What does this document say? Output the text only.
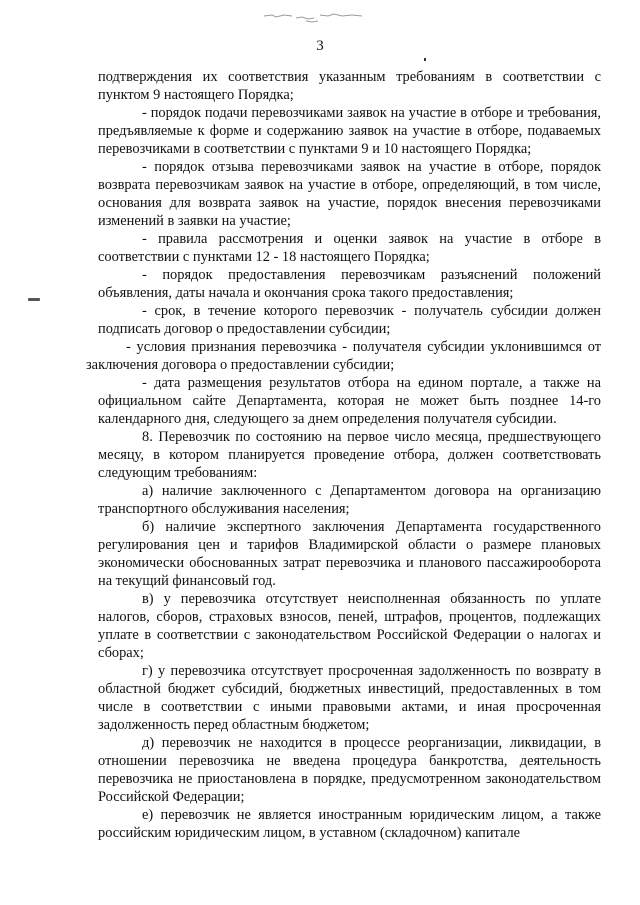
3

подтверждения их соответствия указанным требованиям в соответствии с пунктом 9 настоящего Порядка;

- порядок подачи перевозчиками заявок на участие в отборе и требования, предъявляемые к форме и содержанию заявок на участие в отборе, подаваемых перевозчиками в соответствии с пунктами 9 и 10 настоящего Порядка;

- порядок отзыва перевозчиками заявок на участие в отборе, порядок возврата перевозчикам заявок на участие в отборе, определяющий, в том числе, основания для возврата заявок на участие, порядок внесения перевозчиками изменений в заявки на участие;

- правила рассмотрения и оценки заявок на участие в отборе в соответствии с пунктами 12 - 18 настоящего Порядка;

- порядок предоставления перевозчикам разъяснений положений объявления, даты начала и окончания срока такого предоставления;

- срок, в течение которого перевозчик - получатель субсидии должен подписать договор о предоставлении субсидии;

- условия признания перевозчика - получателя субсидии уклонившимся от заключения договора о предоставлении субсидии;

- дата размещения результатов отбора на едином портале, а также на официальном сайте Департамента, которая не может быть позднее 14-го календарного дня, следующего за днем определения получателя субсидии.

8. Перевозчик по состоянию на первое число месяца, предшествующего месяцу, в котором планируется проведение отбора, должен соответствовать следующим требованиям:

а) наличие заключенного с Департаментом договора на организацию транспортного обслуживания населения;

б) наличие экспертного заключения Департамента государственного регулирования цен и тарифов Владимирской области о размере плановых экономически обоснованных затрат перевозчика и планового пассажирооборота на текущий финансовый год.

в) у перевозчика отсутствует неисполненная обязанность по уплате налогов, сборов, страховых взносов, пеней, штрафов, процентов, подлежащих уплате в соответствии с законодательством Российской Федерации о налогах и сборах;

г) у перевозчика отсутствует просроченная задолженность по возврату в областной бюджет субсидий, бюджетных инвестиций, предоставленных в том числе в соответствии с иными правовыми актами, и иная просроченная задолженность перед областным бюджетом;

д) перевозчик не находится в процессе реорганизации, ликвидации, в отношении перевозчика не введена процедура банкротства, деятельность перевозчика не приостановлена в порядке, предусмотренном законодательством Российской Федерации;

е) перевозчик не является иностранным юридическим лицом, а также российским юридическим лицом, в уставном (складочном) капитале
